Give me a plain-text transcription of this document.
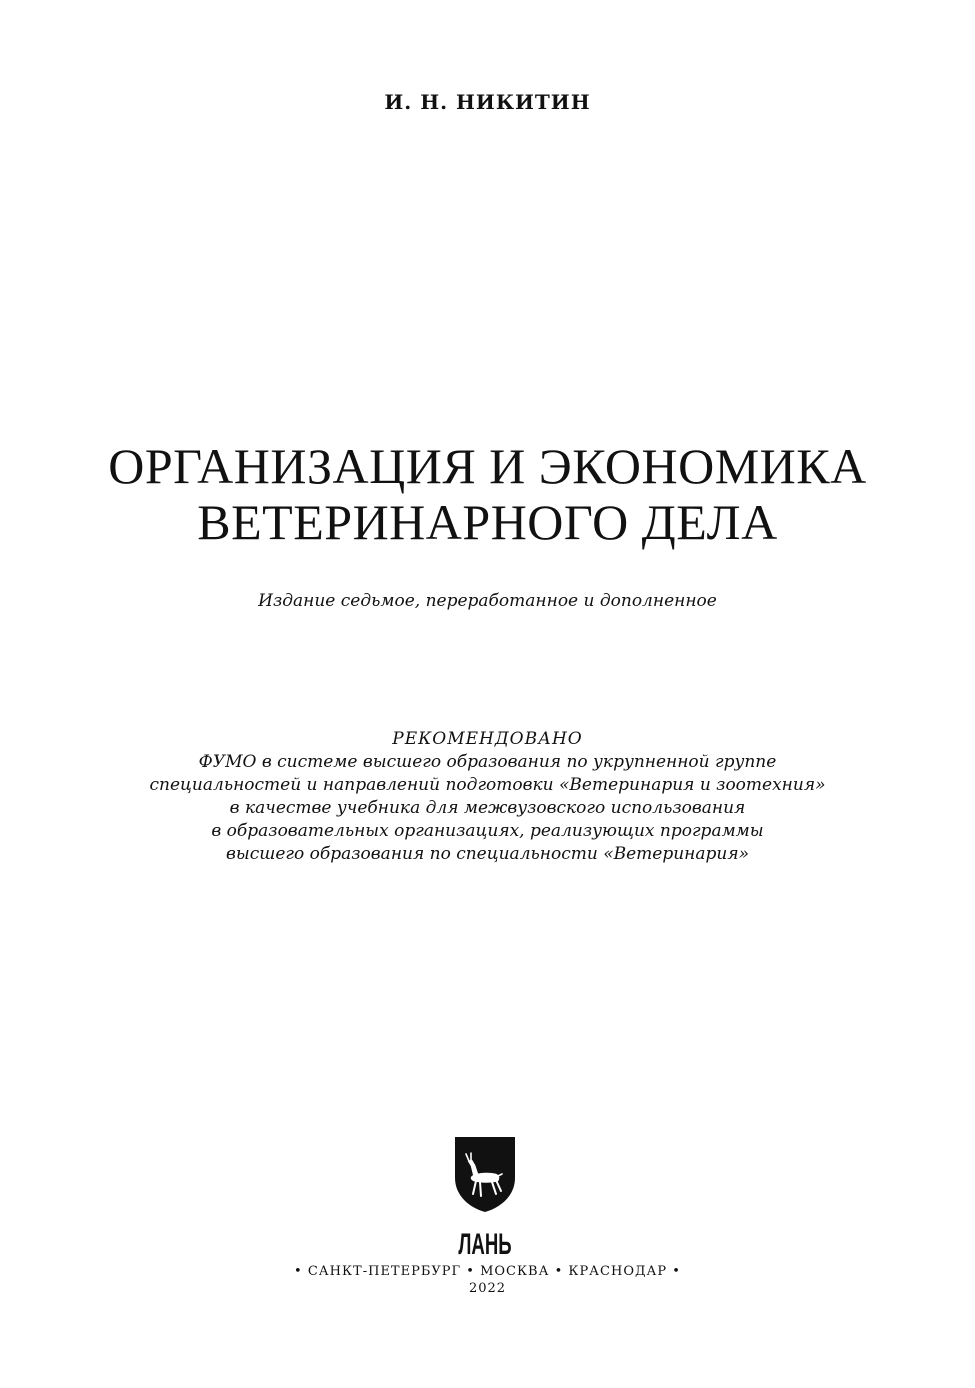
И. Н. НИКИТИН
ОРГАНИЗАЦИЯ И ЭКОНОМИКА
ВЕТЕРИНАРНОГО ДЕЛА
Издание седьмое, переработанное и дополненное
РЕКОМЕНДОВАНО
ФУМО в системе высшего образования по укрупненной группе
специальностей и направлений подготовки «Ветеринария и зоотехния»
в качестве учебника для межвузовского использования
в образовательных организациях, реализующих программы
высшего образования по специальности «Ветеринария»
ЛАНЬ
• САНКТ-ПЕТЕРБУРГ • МОСКВА • КРАСНОДАР •
2022
